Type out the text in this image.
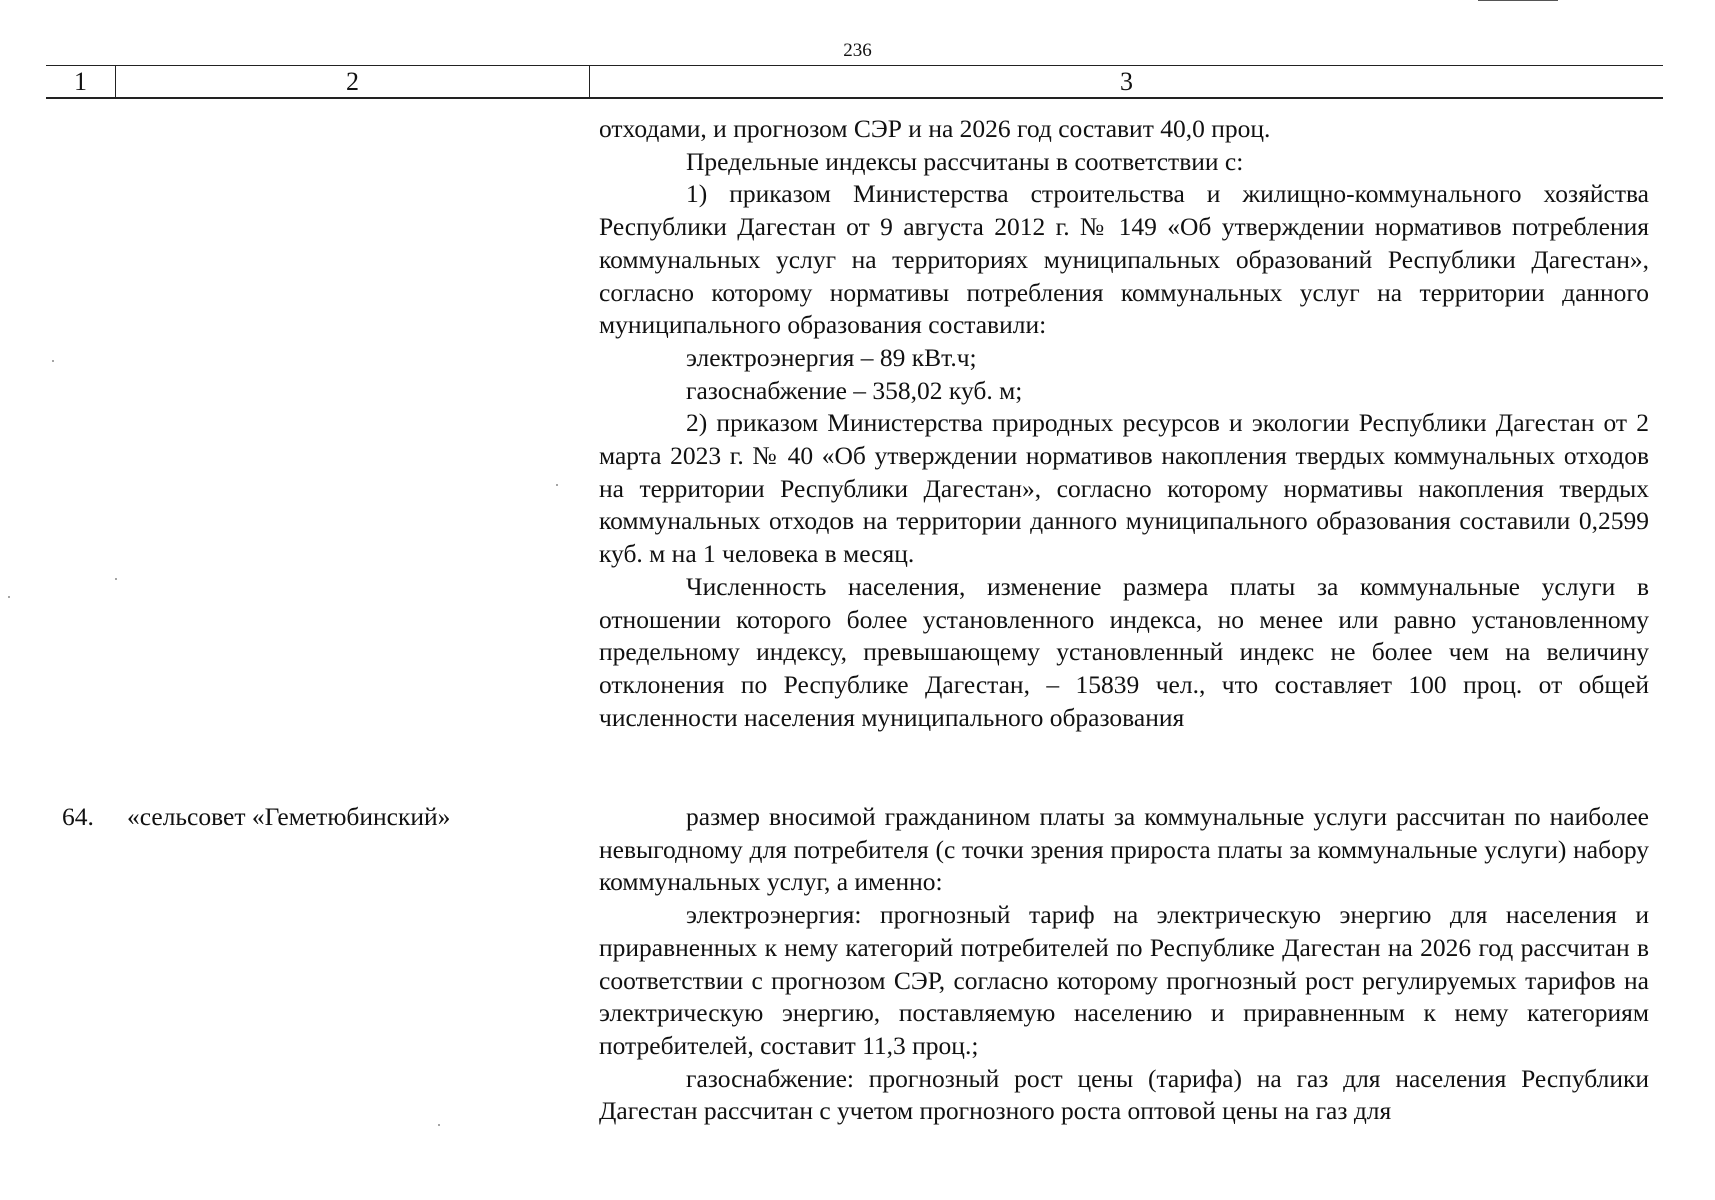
236
1	2	3

отходами, и прогнозом СЭР и на 2026 год составит 40,0 проц.

Предельные индексы рассчитаны в соответствии с:

1) приказом Министерства строительства и жилищно-коммунального хозяйства Республики Дагестан от 9 августа 2012 г. № 149 «Об утверждении нормативов потребления коммунальных услуг на территориях муниципальных образований Республики Дагестан», согласно которому нормативы потребления коммунальных услуг на территории данного муниципального образования составили:

электроэнергия – 89 кВт.ч;

газоснабжение – 358,02 куб. м;

2) приказом Министерства природных ресурсов и экологии Республики Дагестан от 2 марта 2023 г. № 40 «Об утверждении нормативов накопления твердых коммунальных отходов на территории Республики Дагестан», согласно которому нормативы накопления твердых коммунальных отходов на территории данного муниципального образования составили 0,2599 куб. м на 1 человека в месяц.

Численность населения, изменение размера платы за коммунальные услуги в отношении которого более установленного индекса, но менее или равно установленному предельному индексу, превышающему установленный индекс не более чем на величину отклонения по Республике Дагестан, – 15839 чел., что составляет 100 проц. от общей численности населения муниципального образования

64. «сельсовет «Геметюбинский»	размер вносимой гражданином платы за коммунальные услуги рассчитан по наиболее невыгодному для потребителя (с точки зрения прироста платы за коммунальные услуги) набору коммунальных услуг, а именно:

электроэнергия: прогнозный тариф на электрическую энергию для населения и приравненных к нему категорий потребителей по Республике Дагестан на 2026 год рассчитан в соответствии с прогнозом СЭР, согласно которому прогнозный рост регулируемых тарифов на электрическую энергию, поставляемую населению и приравненным к нему категориям потребителей, составит 11,3 проц.;

газоснабжение: прогнозный рост цены (тарифа) на газ для населения Республики Дагестан рассчитан с учетом прогнозного роста оптовой цены на газ для
